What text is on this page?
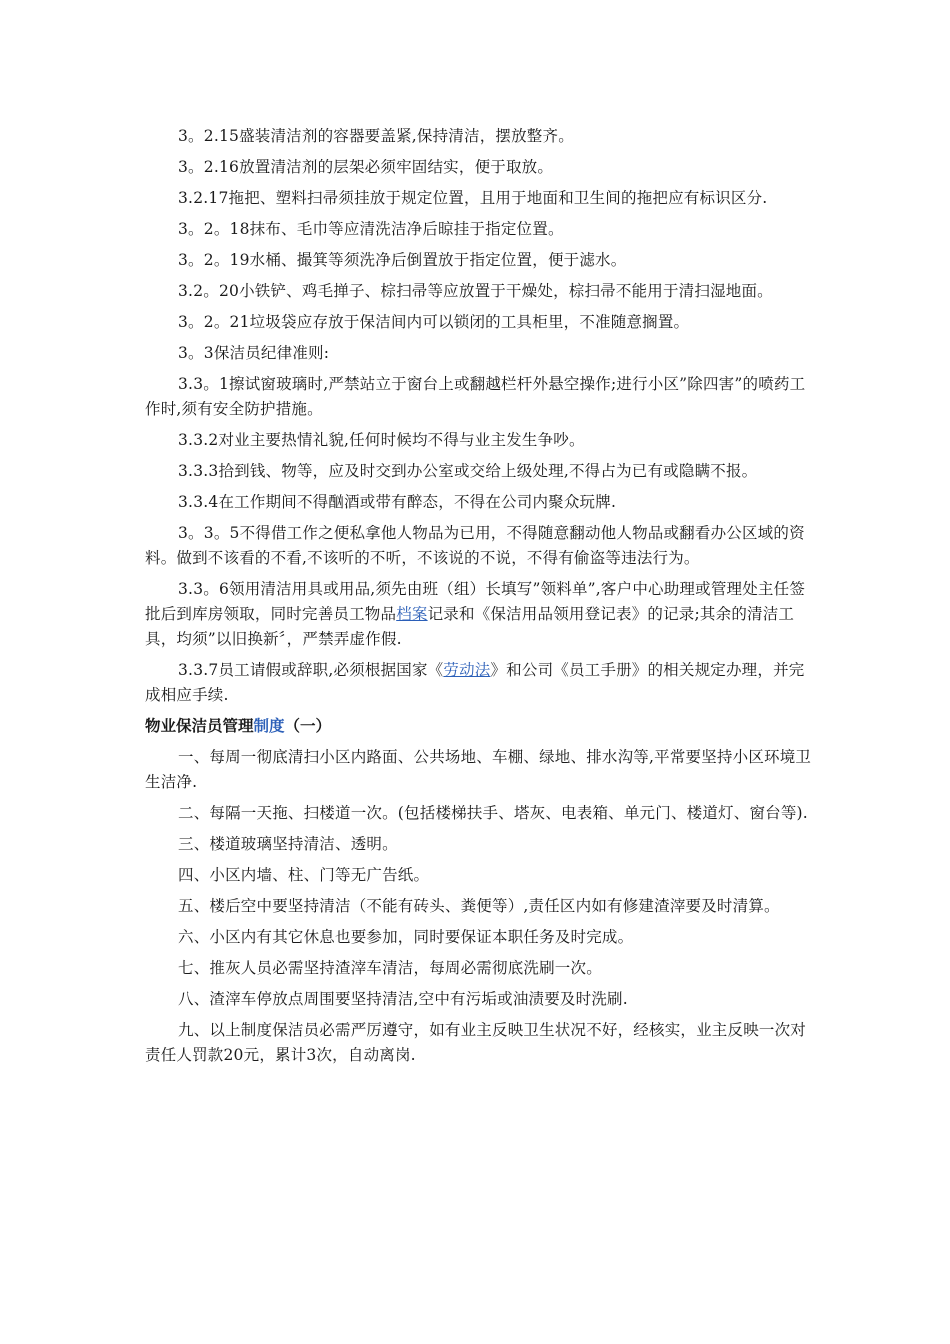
3。2.15盛装清洁剂的容器要盖紧,保持清洁，摆放整齐。

3。2.16放置清洁剂的层架必须牢固结实，便于取放。

3.2.17拖把、塑料扫帚须挂放于规定位置，且用于地面和卫生间的拖把应有标识区分.

3。2。18抹布、毛巾等应清洗洁净后晾挂于指定位置。

3。2。19水桶、撮箕等须洗净后倒置放于指定位置，便于滤水。

3.2。20小铁铲、鸡毛掸子、棕扫帚等应放置于干燥处，棕扫帚不能用于清扫湿地面。

3。2。21垃圾袋应存放于保洁间内可以锁闭的工具柜里，不准随意搁置。

3。3保洁员纪律准则:

3.3。1擦试窗玻璃时,严禁站立于窗台上或翻越栏杆外悬空操作;进行小区”除四害”的喷药工作时,须有安全防护措施。

3.3.2对业主要热情礼貌,任何时候均不得与业主发生争吵。

3.3.3拾到钱、物等，应及时交到办公室或交给上级处理,不得占为已有或隐瞒不报。

3.3.4在工作期间不得酗酒或带有醉态，不得在公司内聚众玩牌.

3。3。5不得借工作之便私拿他人物品为已用，不得随意翻动他人物品或翻看办公区域的资料。做到不该看的不看,不该听的不听，不该说的不说，不得有偷盗等违法行为。

3.3。6领用清洁用具或用品,须先由班（组）长填写”领料单”,客户中心助理或管理处主任签批后到库房领取，同时完善员工物品档案记录和《保洁用品领用登记表》的记录;其余的清洁工具，均须”以旧换新〞，严禁弄虚作假.

3.3.7员工请假或辞职,必须根据国家《劳动法》和公司《员工手册》的相关规定办理，并完成相应手续.

物业保洁员管理制度（一）

一、每周一彻底清扫小区内路面、公共场地、车棚、绿地、排水沟等,平常要坚持小区环境卫生洁净.

二、每隔一天拖、扫楼道一次。(包括楼梯扶手、塔灰、电表箱、单元门、楼道灯、窗台等).

三、楼道玻璃坚持清洁、透明。

四、小区内墙、柱、门等无广告纸。

五、楼后空中要坚持清洁（不能有砖头、粪便等）,责任区内如有修建渣滓要及时清算。

六、小区内有其它休息也要参加，同时要保证本职任务及时完成。

七、推灰人员必需坚持渣滓车清洁，每周必需彻底洗刷一次。

八、渣滓车停放点周围要坚持清洁,空中有污垢或油渍要及时洗刷.

九、以上制度保洁员必需严厉遵守，如有业主反映卫生状况不好，经核实，业主反映一次对责任人罚款20元，累计3次，自动离岗.
